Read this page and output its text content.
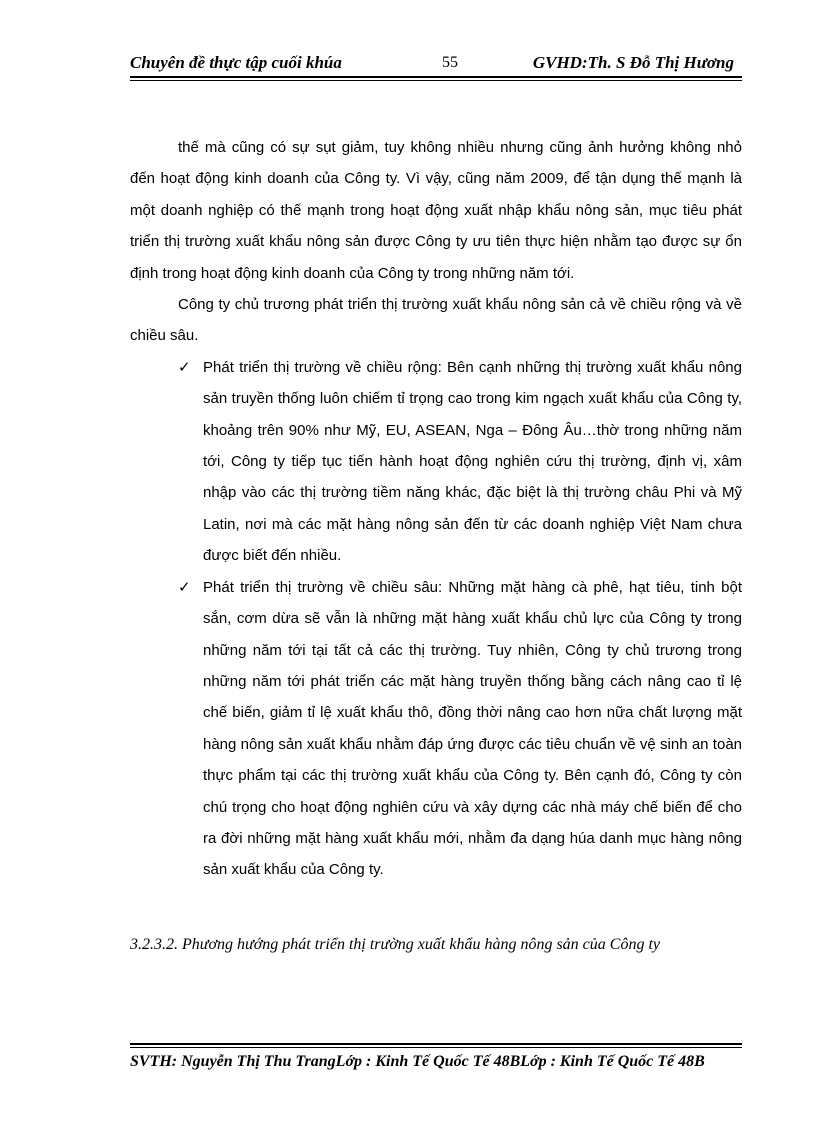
Chuyên đề thực tập cuối khúa	55	GVHD:Th. S Đỗ Thị Hương

thế mà cũng có sự sụt giảm, tuy không nhiều nhưng cũng ảnh hưởng không nhỏ đến hoạt động kinh doanh của Công ty. Vì vậy, cũng năm 2009, để tận dụng thế mạnh là một doanh nghiệp có thế mạnh trong hoạt động xuất nhập khẩu nông sản, mục tiêu phát triển thị trường xuất khẩu nông sản được Công ty ưu tiên thực hiện nhằm tạo được sự ổn định trong hoạt động kinh doanh của Công ty trong những năm tới.

Công ty chủ trương phát triển thị trường xuất khẩu nông sản cả về chiều rộng và về chiều sâu.

✓ Phát triển thị trường về chiều rộng: Bên cạnh những thị trường xuất khẩu nông sản truyền thống luôn chiếm tỉ trọng cao trong kim ngạch xuất khẩu của Công ty, khoảng trên 90% như Mỹ, EU, ASEAN, Nga – Đông Âu…thờ trong những năm tới, Công ty tiếp tục tiến hành hoạt động nghiên cứu thị trường, định vị, xâm nhập vào các thị trường tiềm năng khác, đặc biệt là thị trường châu Phi và Mỹ Latin, nơi mà các mặt hàng nông sản đến từ các doanh nghiệp Việt Nam chưa được biết đến nhiều.
✓ Phát triển thị trường về chiều sâu: Những mặt hàng cà phê, hạt tiêu, tinh bột sắn, cơm dừa sẽ vẫn là những mặt hàng xuất khẩu chủ lực của Công ty trong những năm tới tại tất cả các thị trường. Tuy nhiên, Công ty chủ trương trong những năm tới phát triển các mặt hàng truyền thống bằng cách nâng cao tỉ lệ chế biến, giảm tỉ lệ xuất khẩu thô, đồng thời nâng cao hơn nữa chất lượng mặt hàng nông sản xuất khẩu nhằm đáp ứng được các tiêu chuẩn về vệ sinh an toàn thực phẩm tại các thị trường xuất khẩu của Công ty. Bên cạnh đó, Công ty còn chú trọng cho hoạt động nghiên cứu và xây dựng các nhà máy chế biến để cho ra đời những mặt hàng xuất khẩu mới, nhằm đa dạng húa danh mục hàng nông sản xuất khẩu của Công ty.
3.2.3.2. Phương hướng phát triển thị trường xuất khẩu hàng nông sản của Công ty
SVTH: Nguyễn Thị Thu TrangLớp : Kinh Tế Quốc Tế 48BLớp : Kinh Tế Quốc Tế 48B
